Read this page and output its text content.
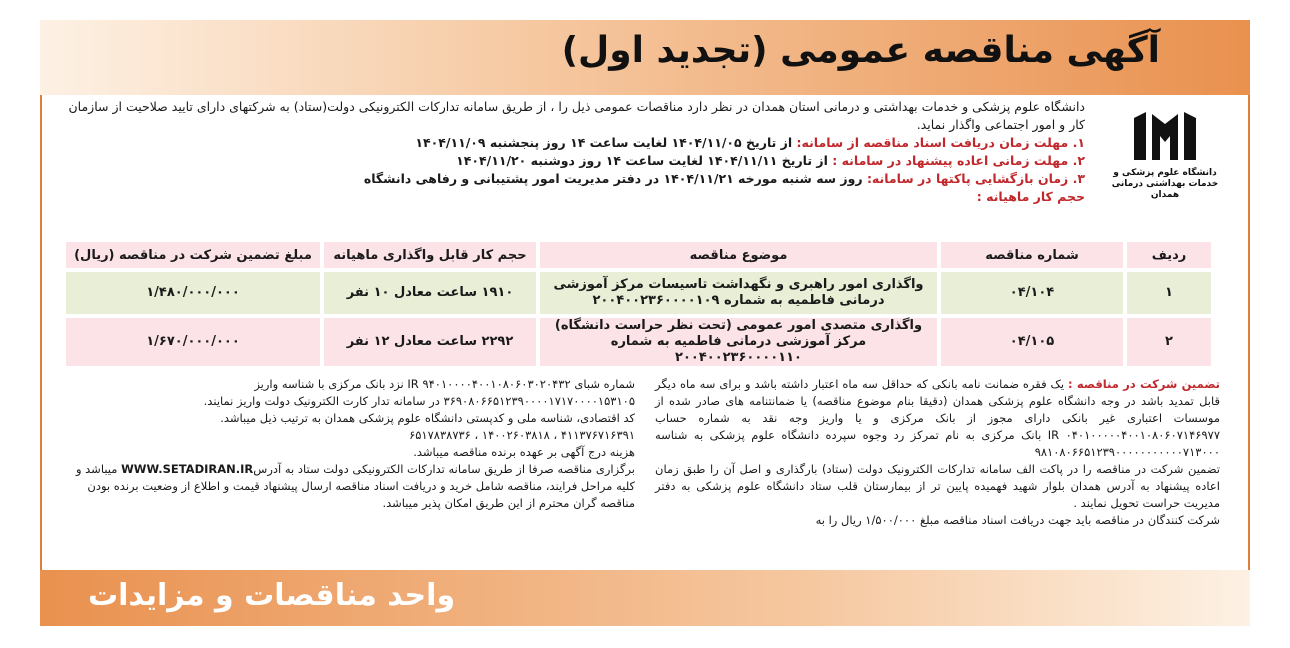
آگهی مناقصه عمومی (تجدید اول)
دانشگاه علوم پزشکی و
خدمات بهداشتی درمانی همدان

دانشگاه علوم پزشکی و خدمات بهداشتی و درمانی استان همدان در نظر دارد مناقصات عمومی ذیل را ، از طریق سامانه تدارکات الکترونیکی دولت(ستاد) به شرکتهای دارای تایید صلاحیت از سازمان کار و امور اجتماعی واگذار نماید.

۱. مهلت زمان دریافت اسناد مناقصه از سامانه: از تاریخ ۱۴۰۴/۱۱/۰۵ لغایت ساعت ۱۴ روز پنجشنبه ۱۴۰۴/۱۱/۰۹

۲. مهلت زمانی اعاده پیشنهاد در سامانه : از تاریخ ۱۴۰۴/۱۱/۱۱ لغایت ساعت ۱۴ روز دوشنبه ۱۴۰۴/۱۱/۲۰

۳. زمان بازگشایی پاکتها در سامانه: روز سه شنبه مورخه ۱۴۰۴/۱۱/۲۱ در دفتر مدیریت امور پشتیبانی و رفاهی دانشگاه

حجم کار ماهیانه :

ردیف	شماره مناقصه	موضوع مناقصه	حجم کار قابل واگذاری ماهیانه	مبلغ تضمین شرکت در مناقصه (ریال)
۱	۰۴/۱۰۴	واگذاری امور راهبری و نگهداشت تاسیسات مرکز آموزشی درمانی فاطمیه به شماره ۲۰۰۴۰۰۲۳۶۰۰۰۰۱۰۹	۱۹۱۰ ساعت معادل ۱۰ نفر	۱/۴۸۰/۰۰۰/۰۰۰
۲	۰۴/۱۰۵	واگذاری متصدی امور عمومی (تحت نظر حراست دانشگاه) مرکز آموزشی درمانی فاطمیه به شماره ۲۰۰۴۰۰۲۳۶۰۰۰۰۱۱۰	۲۲۹۲ ساعت معادل ۱۲ نفر	۱/۶۷۰/۰۰۰/۰۰۰

تضمین شرکت در مناقصه : یک فقره ضمانت نامه بانکی که حداقل سه ماه اعتبار داشته باشد و برای سه ماه دیگر قابل تمدید باشد در وجه دانشگاه علوم پزشکی همدان (دقیقا بنام موضوع مناقصه) یا ضمانتنامه های صادر شده از موسسات اعتباری غیر بانکی دارای مجوز از بانک مرکزی و یا واریز وجه نقد به شماره حساب ۰۴۰۱۰۰۰۰۰۴۰۰۱۰۸۰۶۰۷۱۴۶۹۷۷ IR بانک مرکزی به نام تمرکز رد وجوه سپرده دانشگاه علوم پزشکی به شناسه ۹۸۱۰۸۰۶۶۵۱۲۳۹۰۰۰۰۰۰۰۰۰۰۰۷۱۳۰۰۰

تضمین شرکت در مناقصه را در پاکت الف سامانه تدارکات الکترونیک دولت (ستاد) بارگذاری و اصل آن را طبق زمان اعاده پیشنهاد به آدرس همدان بلوار شهید فهمیده پایین تر از بیمارستان قلب ستاد دانشگاه علوم پزشکی به دفتر مدیریت حراست تحویل نمایند .

شرکت کنندگان در مناقصه باید جهت دریافت اسناد مناقصه مبلغ ۱/۵۰۰/۰۰۰ ریال را به

شماره شبای ۹۴۰۱۰۰۰۰۴۰۰۱۰۸۰۶۰۳۰۲۰۴۳۲ IR نزد بانک مرکزی با شناسه واریز ۳۶۹۰۸۰۶۶۵۱۲۳۹۰۰۰۰۱۷۱۷۰۰۰۰۱۵۳۱۰۵ در سامانه تدار کارت الکترونیک دولت واریز نمایند.

کد اقتصادی، شناسه ملی و کدپستی دانشگاه علوم پزشکی همدان به ترتیب ذیل میباشد.

۴۱۱۳۷۶۷۱۶۳۹۱ ، ۱۴۰۰۲۶۰۳۸۱۸ ، ۶۵۱۷۸۳۸۷۳۶

هزینه درج آگهی بر عهده برنده مناقصه میباشد.

برگزاری مناقصه صرفا از طریق سامانه تدارکات الکترونیکی دولت ستاد به آدرسWWW.SETADIRAN.IR میباشد و کلیه مراحل فرایند، مناقصه شامل خرید و دریافت اسناد مناقصه ارسال پیشنهاد قیمت و اطلاع از وضعیت برنده بودن مناقصه گران محترم از این طریق امکان پذیر میباشد.

واحد مناقصات و مزایدات
